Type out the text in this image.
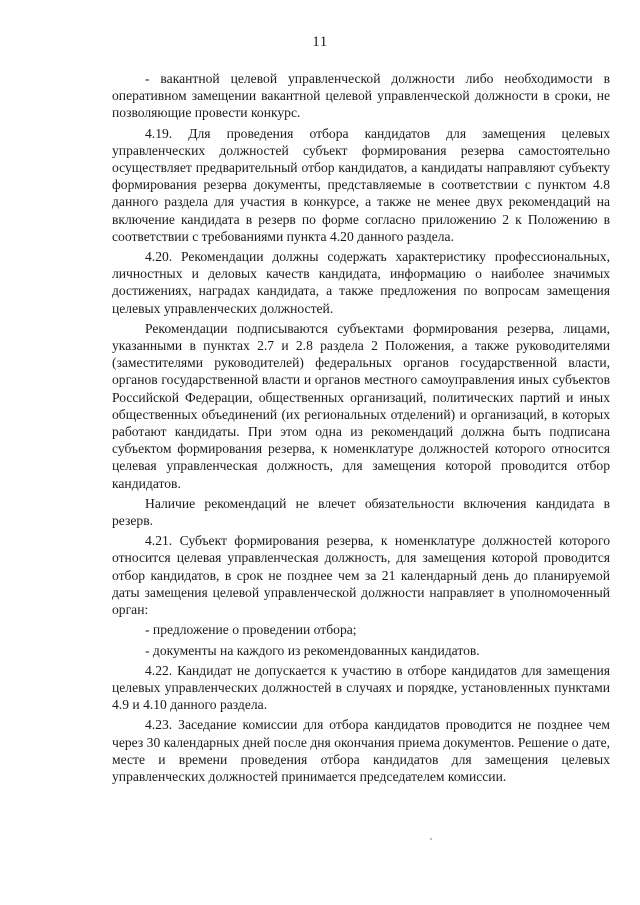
11

- вакантной целевой управленческой должности либо необходимости в оперативном замещении вакантной целевой управленческой должности в сроки, не позволяющие провести конкурс.

4.19. Для проведения отбора кандидатов для замещения целевых управленческих должностей субъект формирования резерва самостоятельно осуществляет предварительный отбор кандидатов, а кандидаты направляют субъекту формирования резерва документы, представляемые в соответствии с пунктом 4.8 данного раздела для участия в конкурсе, а также не менее двух рекомендаций на включение кандидата в резерв по форме согласно приложению 2 к Положению в соответствии с требованиями пункта 4.20 данного раздела.

4.20. Рекомендации должны содержать характеристику профессиональных, личностных и деловых качеств кандидата, информацию о наиболее значимых достижениях, наградах кандидата, а также предложения по вопросам замещения целевых управленческих должностей.

Рекомендации подписываются субъектами формирования резерва, лицами, указанными в пунктах 2.7 и 2.8 раздела 2 Положения, а также руководителями (заместителями руководителей) федеральных органов государственной власти, органов государственной власти и органов местного самоуправления иных субъектов Российской Федерации, общественных организаций, политических партий и иных общественных объединений (их региональных отделений) и организаций, в которых работают кандидаты. При этом одна из рекомендаций должна быть подписана субъектом формирования резерва, к номенклатуре должностей которого относится целевая управленческая должность, для замещения которой проводится отбор кандидатов.

Наличие рекомендаций не влечет обязательности включения кандидата в резерв.

4.21. Субъект формирования резерва, к номенклатуре должностей которого относится целевая управленческая должность, для замещения которой проводится отбор кандидатов, в срок не позднее чем за 21 календарный день до планируемой даты замещения целевой управленческой должности направляет в уполномоченный орган:

- предложение о проведении отбора;

- документы на каждого из рекомендованных кандидатов.

4.22. Кандидат не допускается к участию в отборе кандидатов для замещения целевых управленческих должностей в случаях и порядке, установленных пунктами 4.9 и 4.10 данного раздела.

4.23. Заседание комиссии для отбора кандидатов проводится не позднее чем через 30 календарных дней после дня окончания приема документов. Решение о дате, месте и времени проведения отбора кандидатов для замещения целевых управленческих должностей принимается председателем комиссии.
